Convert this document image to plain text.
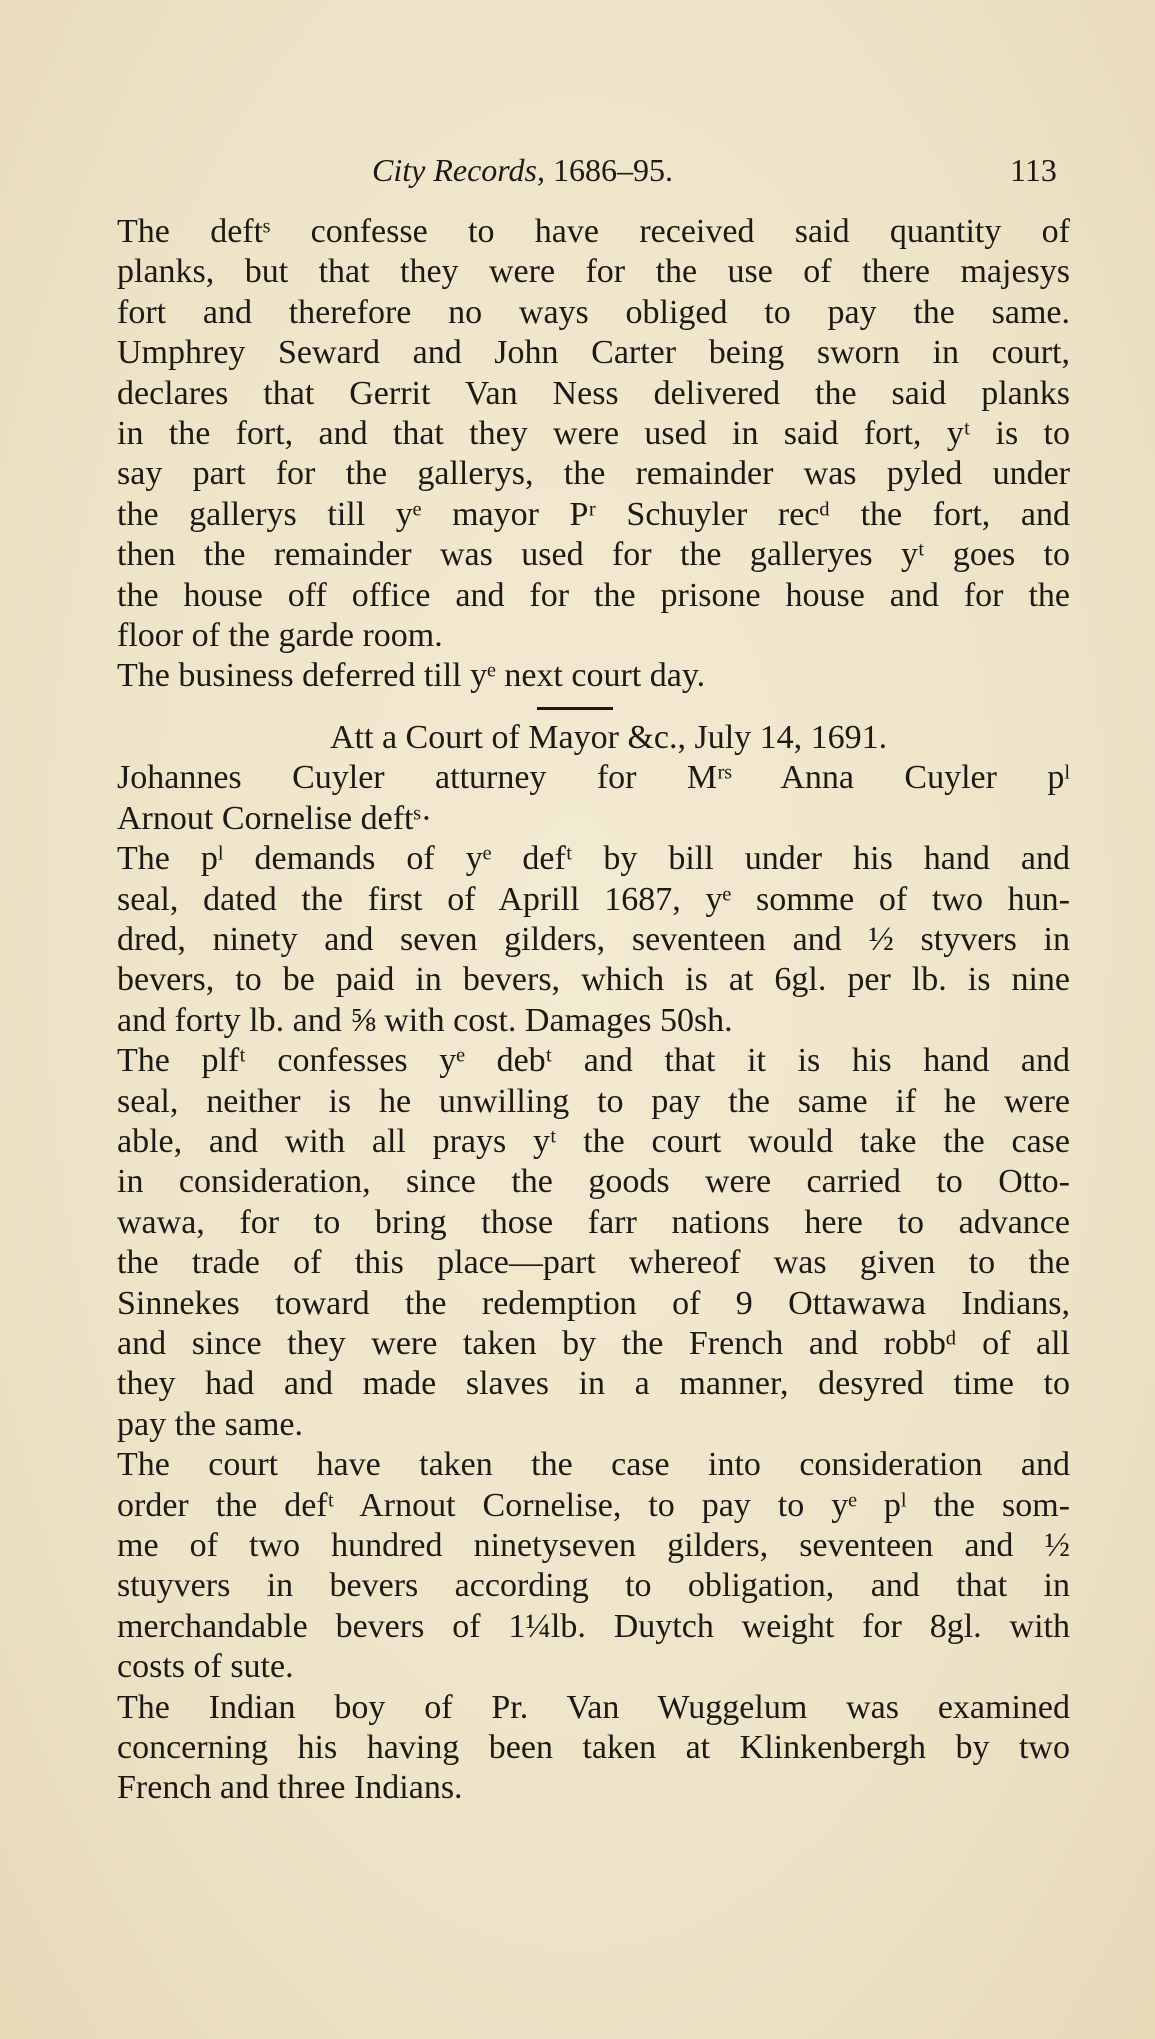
City Records, 1686–95.	113

The deftˢ confesse to have received said quantity of
planks, but that they were for the use of there majesys
fort and therefore no ways obliged to pay the same.
Umphrey Seward and John Carter being sworn in court,
declares that Gerrit Van Ness delivered the said planks
in the fort, and that they were used in said fort, yᵗ is to
say part for the gallerys, the remainder was pyled under
the gallerys till yᵉ mayor Pʳ Schuyler recᵈ the fort, and
then the remainder was used for the galleryes yᵗ goes to
the house off office and for the prisone house and for the
floor of the garde room.

The business deferred till yᵉ next court day.

Att a Court of Mayor &c., July 14, 1691.

Johannes Cuyler atturney for Mʳˢ Anna Cuyler pˡ
Arnout Cornelise deftˢ·

The pˡ demands of yᵉ defᵗ by bill under his hand and
seal, dated the first of Aprill 1687, yᵉ somme of two hun-
dred, ninety and seven gilders, seventeen and ½ styvers in
bevers, to be paid in bevers, which is at 6gl. per lb. is nine
and forty lb. and ⅝ with cost. Damages 50sh.

The plfᵗ confesses yᵉ debᵗ and that it is his hand and
seal, neither is he unwilling to pay the same if he were
able, and with all prays yᵗ the court would take the case
in consideration, since the goods were carried to Otto-
wawa, for to bring those farr nations here to advance
the trade of this place—part whereof was given to the
Sinnekes toward the redemption of 9 Ottawawa Indians,
and since they were taken by the French and robbᵈ of all
they had and made slaves in a manner, desyred time to
pay the same.

The court have taken the case into consideration and
order the defᵗ Arnout Cornelise, to pay to yᵉ pˡ the som-
me of two hundred ninetyseven gilders, seventeen and ½
stuyvers in bevers according to obligation, and that in
merchandable bevers of 1¼lb. Duytch weight for 8gl. with
costs of sute.

The Indian boy of Pr. Van Wuggelum was examined
concerning his having been taken at Klinkenbergh by two
French and three Indians.
